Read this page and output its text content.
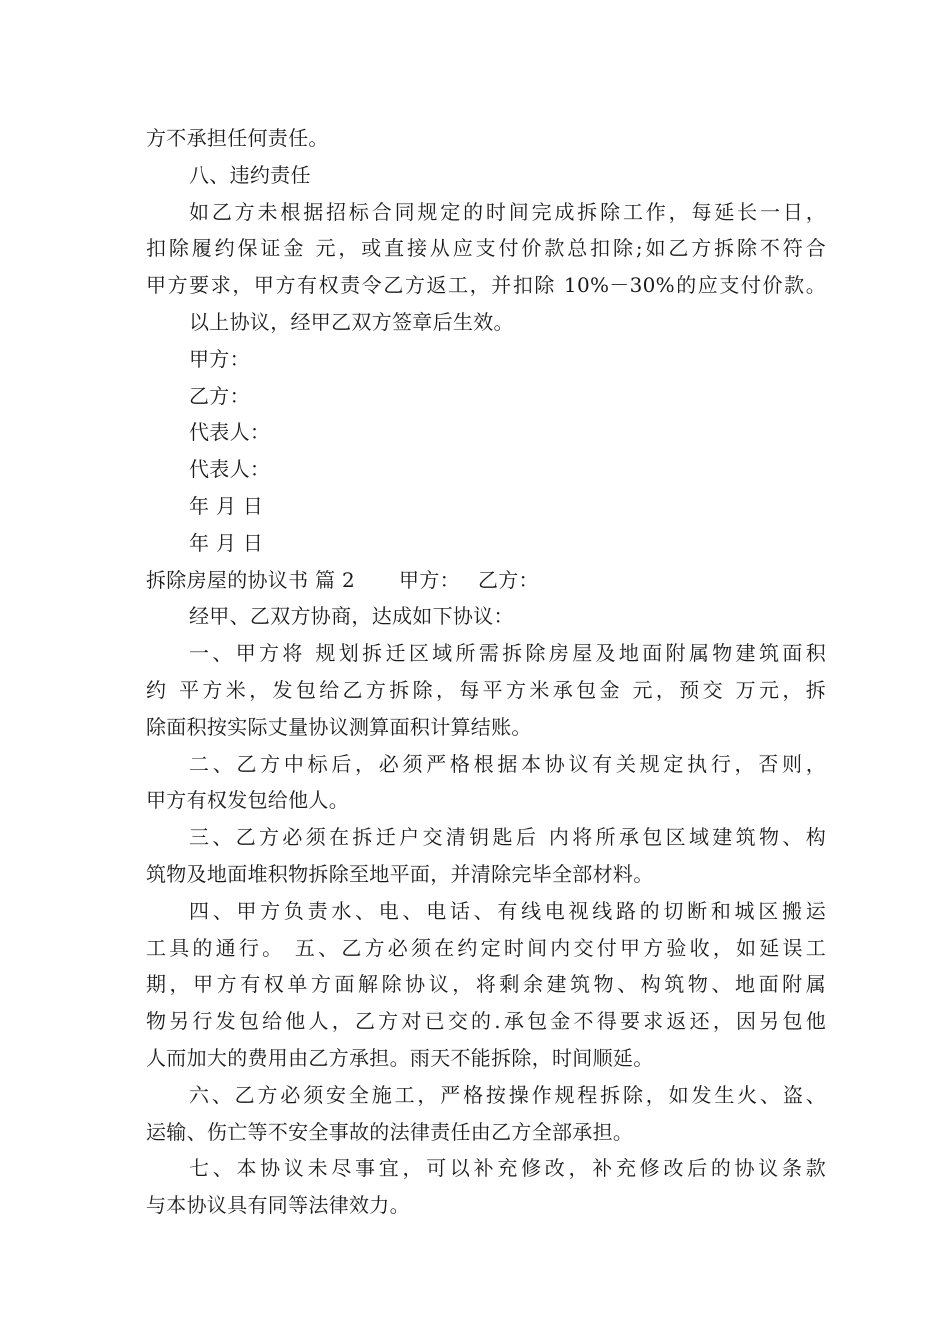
方不承担任何责任。
八、违约责任
如乙方未根据招标合同规定的时间完成拆除工作，每延长一日，
扣除履约保证金 元，或直接从应支付价款总扣除;如乙方拆除不符合
甲方要求，甲方有权责令乙方返工，并扣除 10%－30%的应支付价款。
以上协议，经甲乙双方签章后生效。
甲方：
乙方：
代表人：
代表人：
年 月 日
年 月 日
拆除房屋的协议书 篇 2 甲方： 乙方：
经甲、乙双方协商，达成如下协议：
一、甲方将 规划拆迁区域所需拆除房屋及地面附属物建筑面积
约 平方米，发包给乙方拆除，每平方米承包金 元，预交 万元，拆
除面积按实际丈量协议测算面积计算结账。
二、乙方中标后，必须严格根据本协议有关规定执行，否则，
甲方有权发包给他人。
三、乙方必须在拆迁户交清钥匙后 内将所承包区域建筑物、构
筑物及地面堆积物拆除至地平面，并清除完毕全部材料。
四、甲方负责水、电、电话、有线电视线路的切断和城区搬运
工具的通行。 五、乙方必须在约定时间内交付甲方验收，如延误工
期，甲方有权单方面解除协议，将剩余建筑物、构筑物、地面附属
物另行发包给他人，乙方对已交的.承包金不得要求返还，因另包他
人而加大的费用由乙方承担。雨天不能拆除，时间顺延。
六、乙方必须安全施工，严格按操作规程拆除，如发生火、盗、
运输、伤亡等不安全事故的法律责任由乙方全部承担。
七、本协议未尽事宜，可以补充修改，补充修改后的协议条款
与本协议具有同等法律效力。
